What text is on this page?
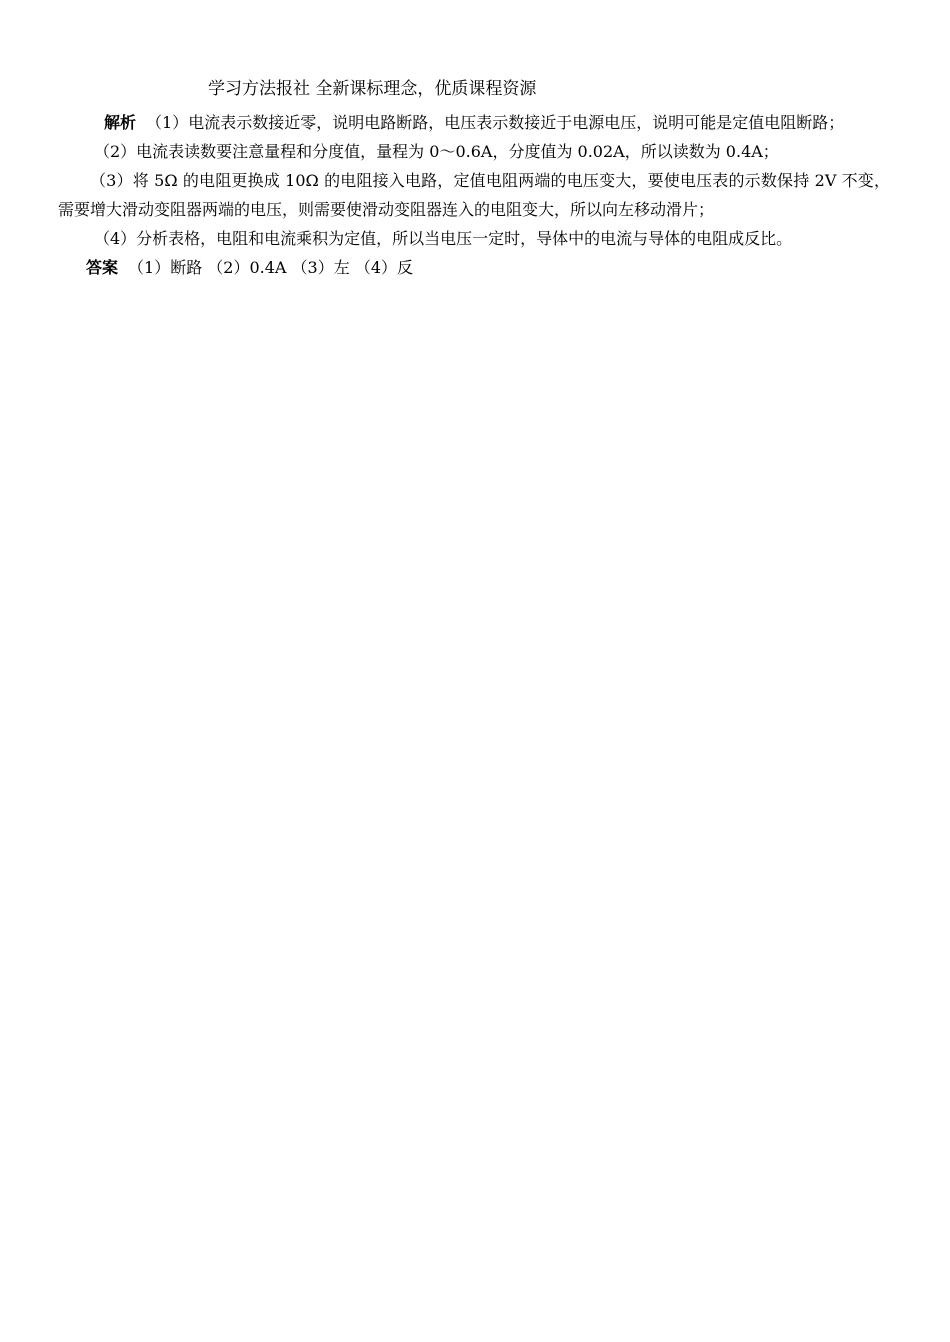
学习方法报社 全新课标理念，优质课程资源

解析 （1）电流表示数接近零，说明电路断路，电压表示数接近于电源电压，说明可能是定值电阻断路；

（2）电流表读数要注意量程和分度值，量程为 0～0.6A，分度值为 0.02A，所以读数为 0.4A；

（3）将 5Ω 的电阻更换成 10Ω 的电阻接入电路，定值电阻两端的电压变大，要使电压表的示数保持 2V 不变，需要增大滑动变阻器两端的电压，则需要使滑动变阻器连入的电阻变大，所以向左移动滑片；

（4）分析表格，电阻和电流乘积为定值，所以当电压一定时，导体中的电流与导体的电阻成反比。

答案 （1）断路 （2）0.4A （3）左 （4）反
